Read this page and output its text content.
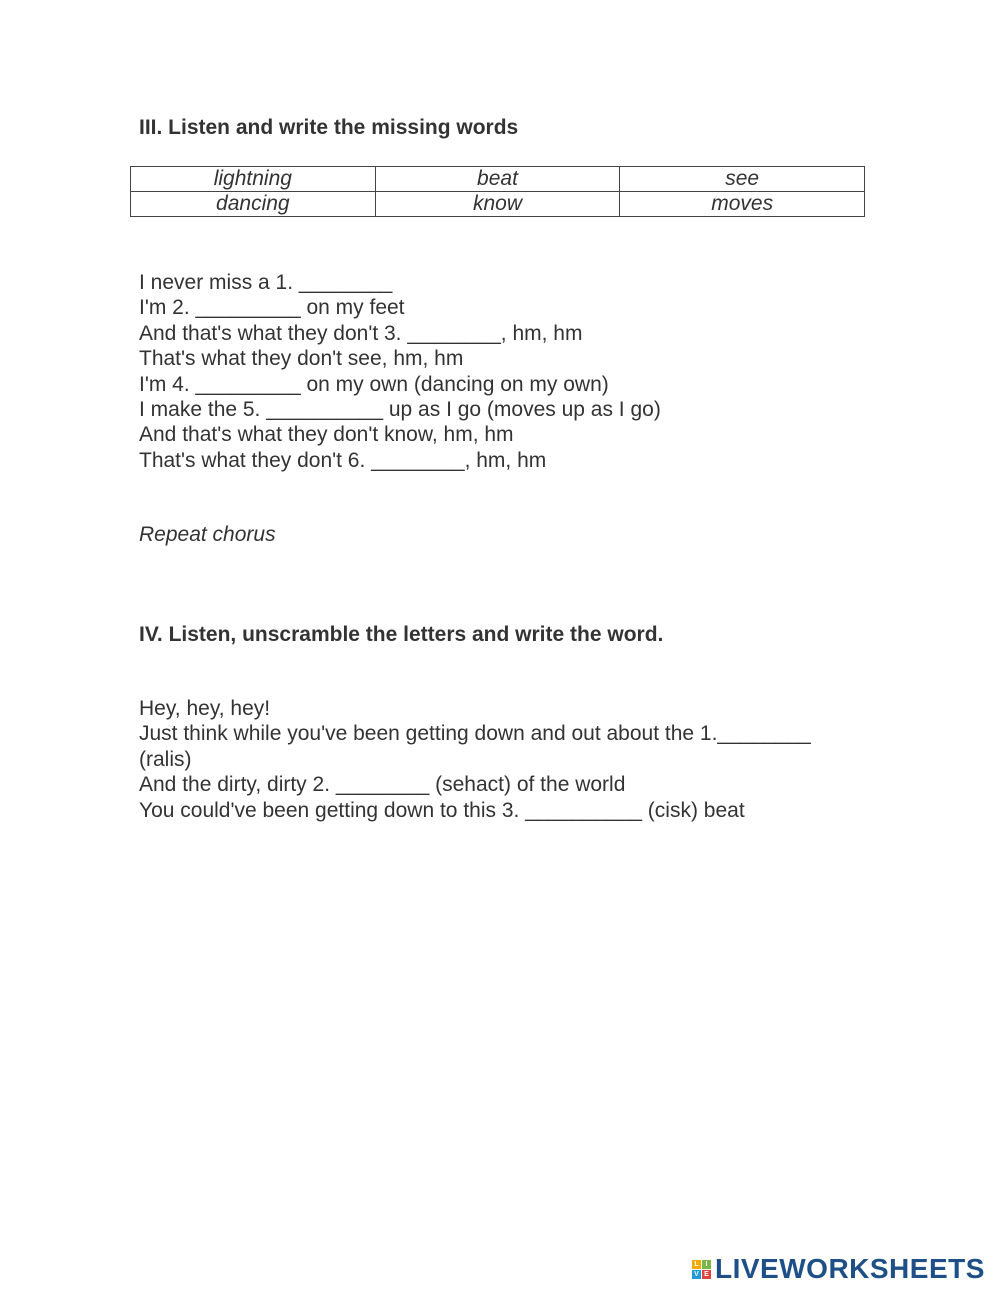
III. Listen and write the missing words
lightning	beat	see
dancing	know	moves
I never miss a 1. ________
I'm 2. _________ on my feet
And that's what they don't 3. ________, hm, hm
That's what they don't see, hm, hm
I'm 4. _________ on my own (dancing on my own)
I make the 5. __________ up as I go (moves up as I go)
And that's what they don't know, hm, hm
That's what they don't 6. ________, hm, hm
Repeat chorus
IV. Listen, unscramble the letters and write the word.
Hey, hey, hey!
Just think while you've been getting down and out about the 1.________
(ralis)
And the dirty, dirty 2. ________ (sehact) of the world
You could've been getting down to this 3. __________ (cisk) beat
L I
V E LIVEWORKSHEETS
